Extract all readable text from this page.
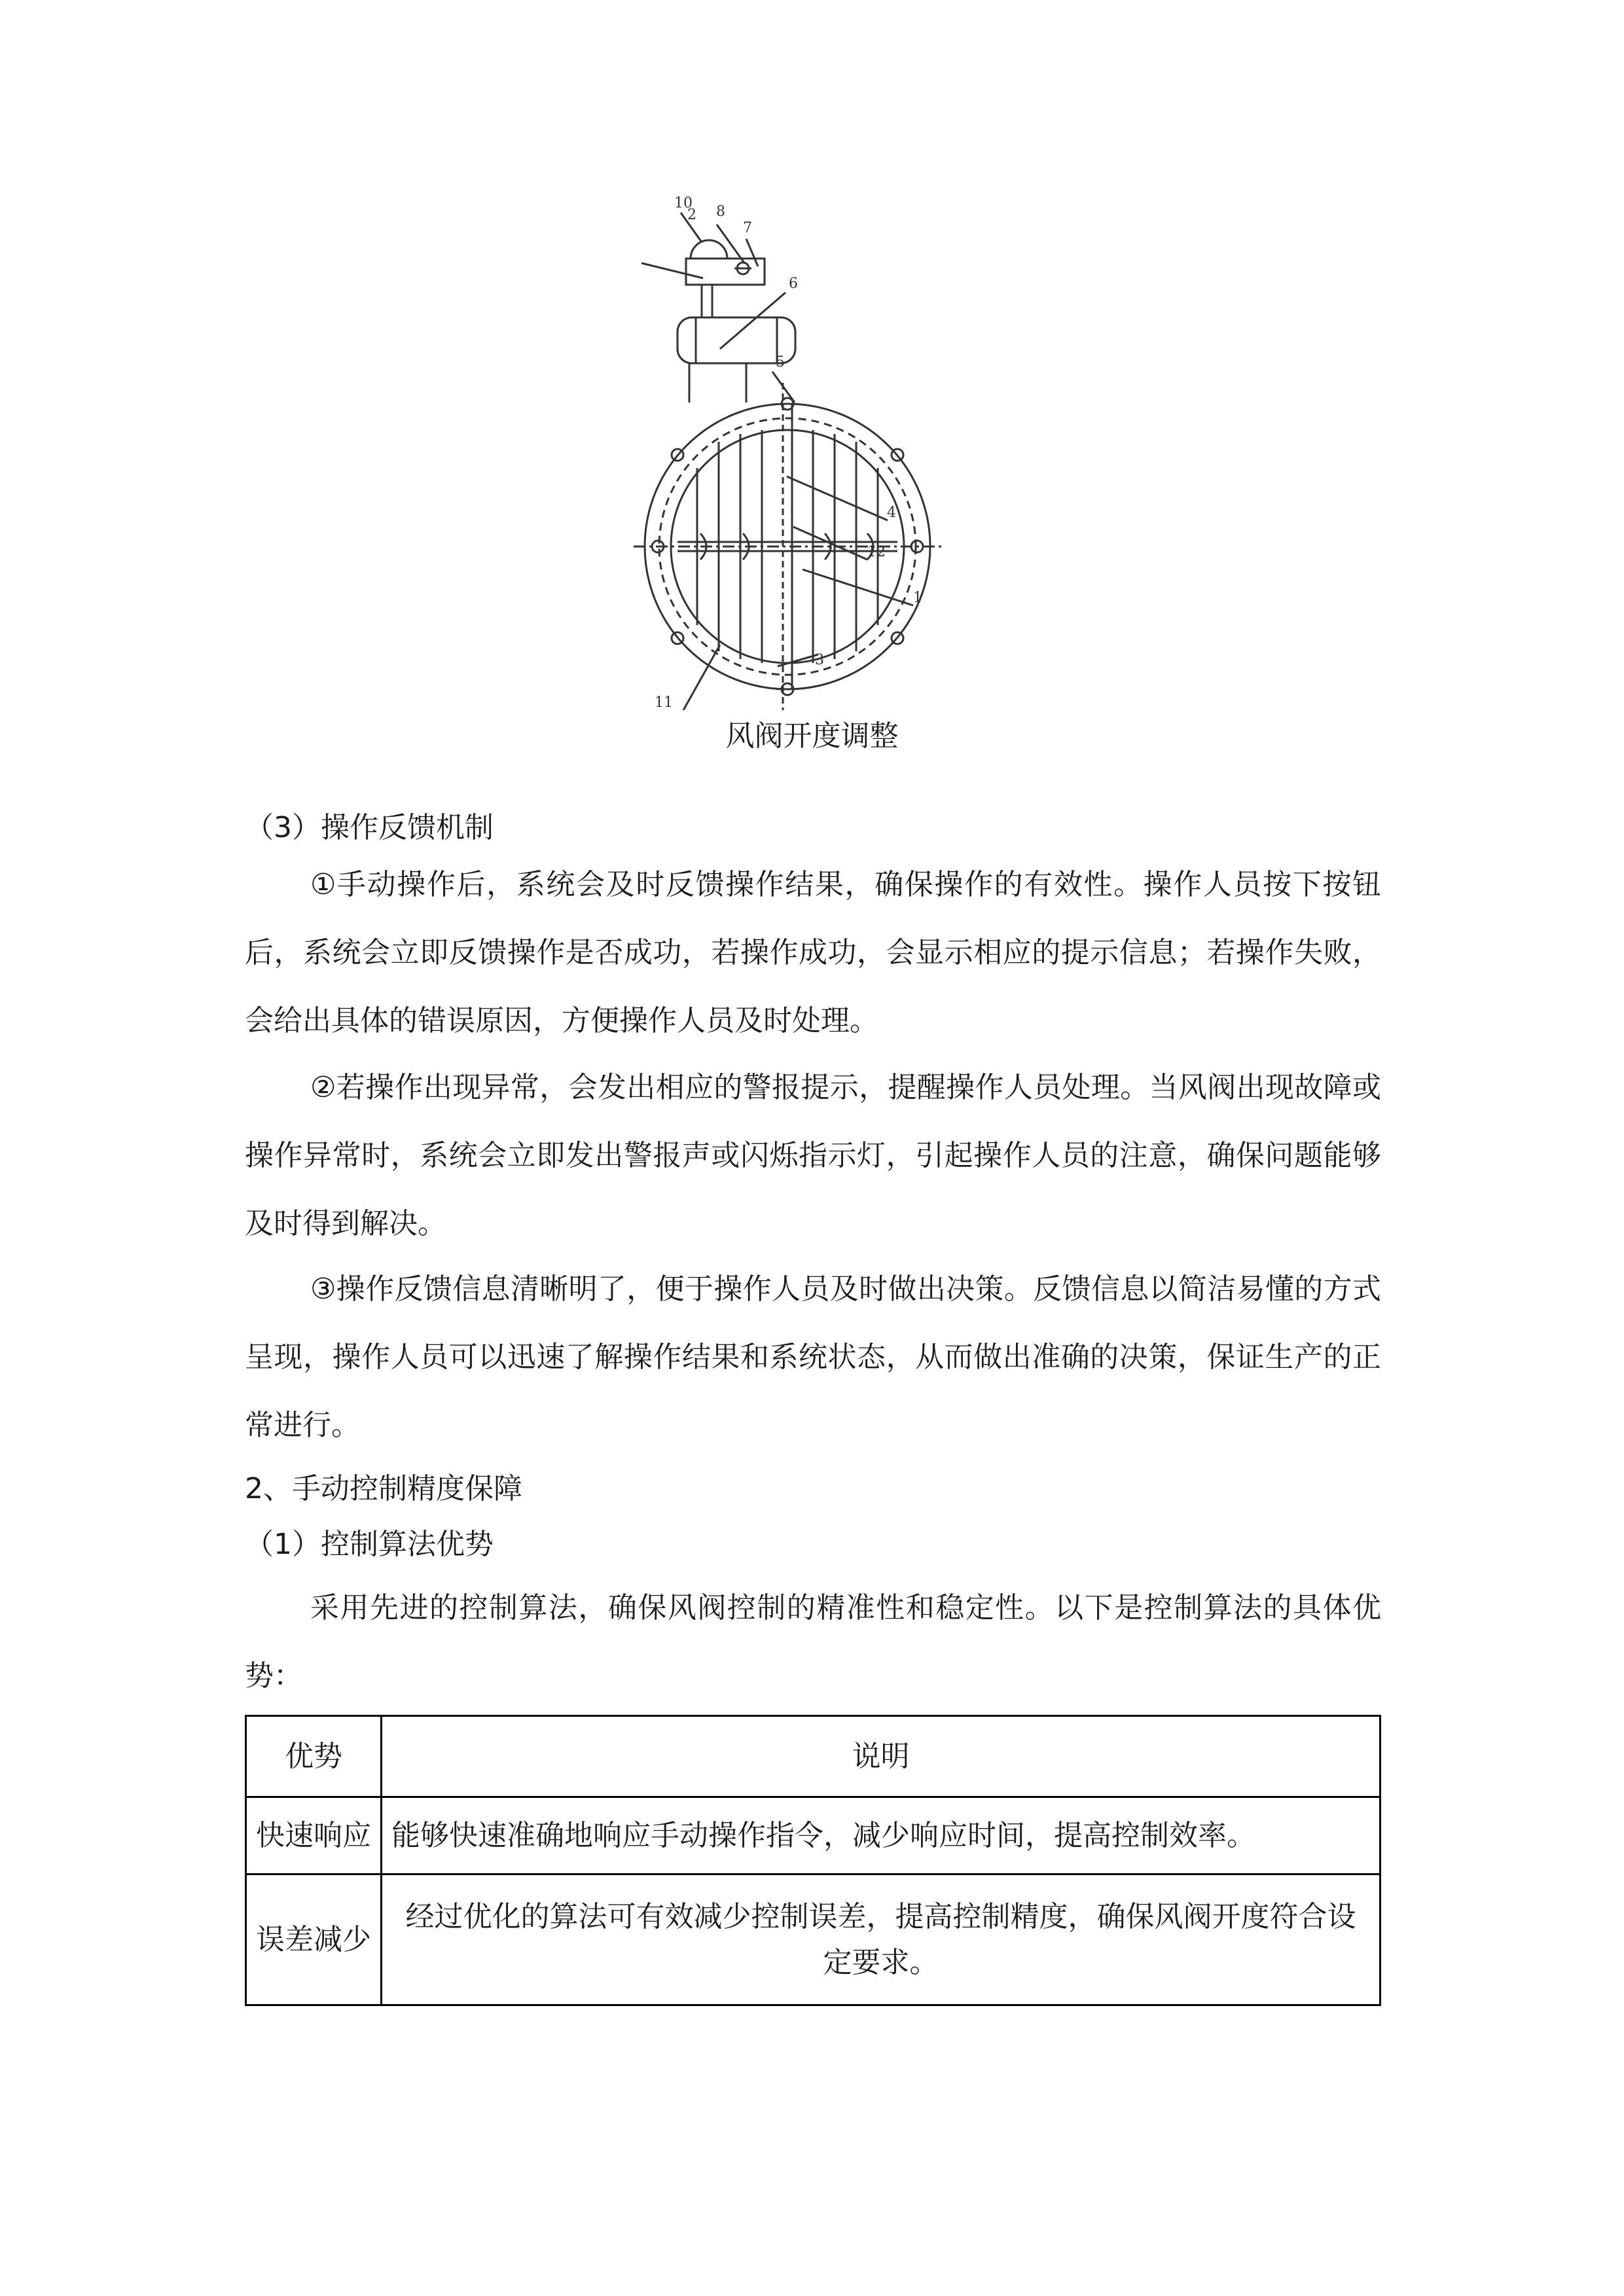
2
10
8
7
6
5
4
12
1
3
11
风阀开度调整
（3）操作反馈机制

①手动操作后，系统会及时反馈操作结果，确保操作的有效性。操作人员按下按钮后，系统会立即反馈操作是否成功，若操作成功，会显示相应的提示信息；若操作失败，会给出具体的错误原因，方便操作人员及时处理。

②若操作出现异常，会发出相应的警报提示，提醒操作人员处理。当风阀出现故障或操作异常时，系统会立即发出警报声或闪烁指示灯，引起操作人员的注意，确保问题能够及时得到解决。

③操作反馈信息清晰明了，便于操作人员及时做出决策。反馈信息以简洁易懂的方式呈现，操作人员可以迅速了解操作结果和系统状态，从而做出准确的决策，保证生产的正常进行。

2、手动控制精度保障
（1）控制算法优势

采用先进的控制算法，确保风阀控制的精准性和稳定性。以下是控制算法的具体优势：

优势	说明
快速响应	能够快速准确地响应手动操作指令，减少响应时间，提高控制效率。
误差减少	经过优化的算法可有效减少控制误差，提高控制精度，确保风阀开度符合设定要求。
